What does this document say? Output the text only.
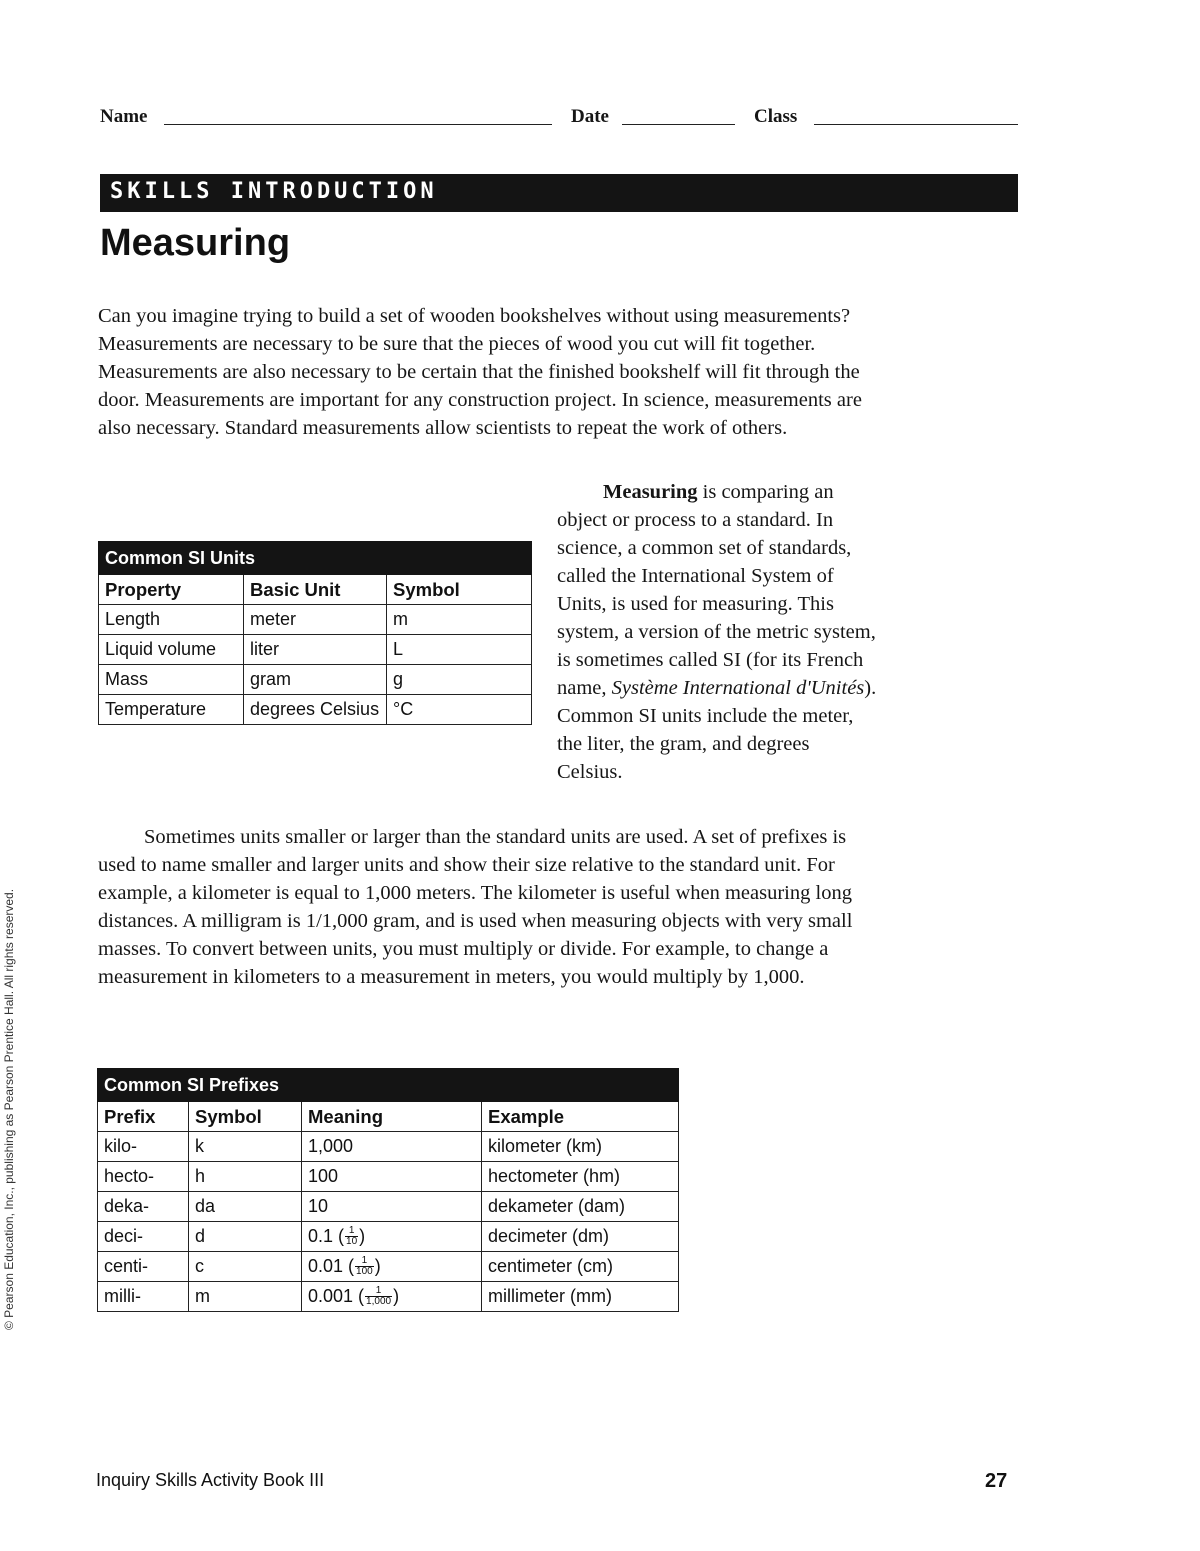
Name	Date	Class
SKILLS INTRODUCTION
Measuring

Can you imagine trying to build a set of wooden bookshelves without using measurements? Measurements are necessary to be sure that the pieces of wood you cut will fit together. Measurements are also necessary to be certain that the finished bookshelf will fit through the door. Measurements are important for any construction project. In science, measurements are also necessary. Standard measurements allow scientists to repeat the work of others.

Common SI Units		
Property	Basic Unit	Symbol
Length	meter	m
Liquid volume	liter	L
Mass	gram	g
Temperature	degrees Celsius	°C

Measuring is comparing an object or process to a standard. In science, a common set of standards, called the International System of Units, is used for measuring. This system, a version of the metric system, is sometimes called SI (for its French name, Système International d'Unités). Common SI units include the meter, the liter, the gram, and degrees Celsius.

Sometimes units smaller or larger than the standard units are used. A set of prefixes is used to name smaller and larger units and show their size relative to the standard unit. For example, a kilometer is equal to 1,000 meters. The kilometer is useful when measuring long distances. A milligram is 1/1,000 gram, and is used when measuring objects with very small masses. To convert between units, you must multiply or divide. For example, to change a measurement in kilometers to a measurement in meters, you would multiply by 1,000.

Common SI Prefixes			
Prefix	Symbol	Meaning	Example
kilo-	k	1,000	kilometer (km)
hecto-	h	100	hectometer (hm)
deka-	da	10	dekameter (dam)
deci-	d	0.1 ( $\frac{1}{10}$ )	decimeter (dm)
centi-	c	0.01 ( $\frac{1}{100}$ )	centimeter (cm)
milli-	m	0.001 ( $\frac{1}{1,000}$ )	millimeter (mm)
© Pearson Education, Inc., publishing as Pearson Prentice Hall. All rights reserved.
Inquiry Skills Activity Book III	27
